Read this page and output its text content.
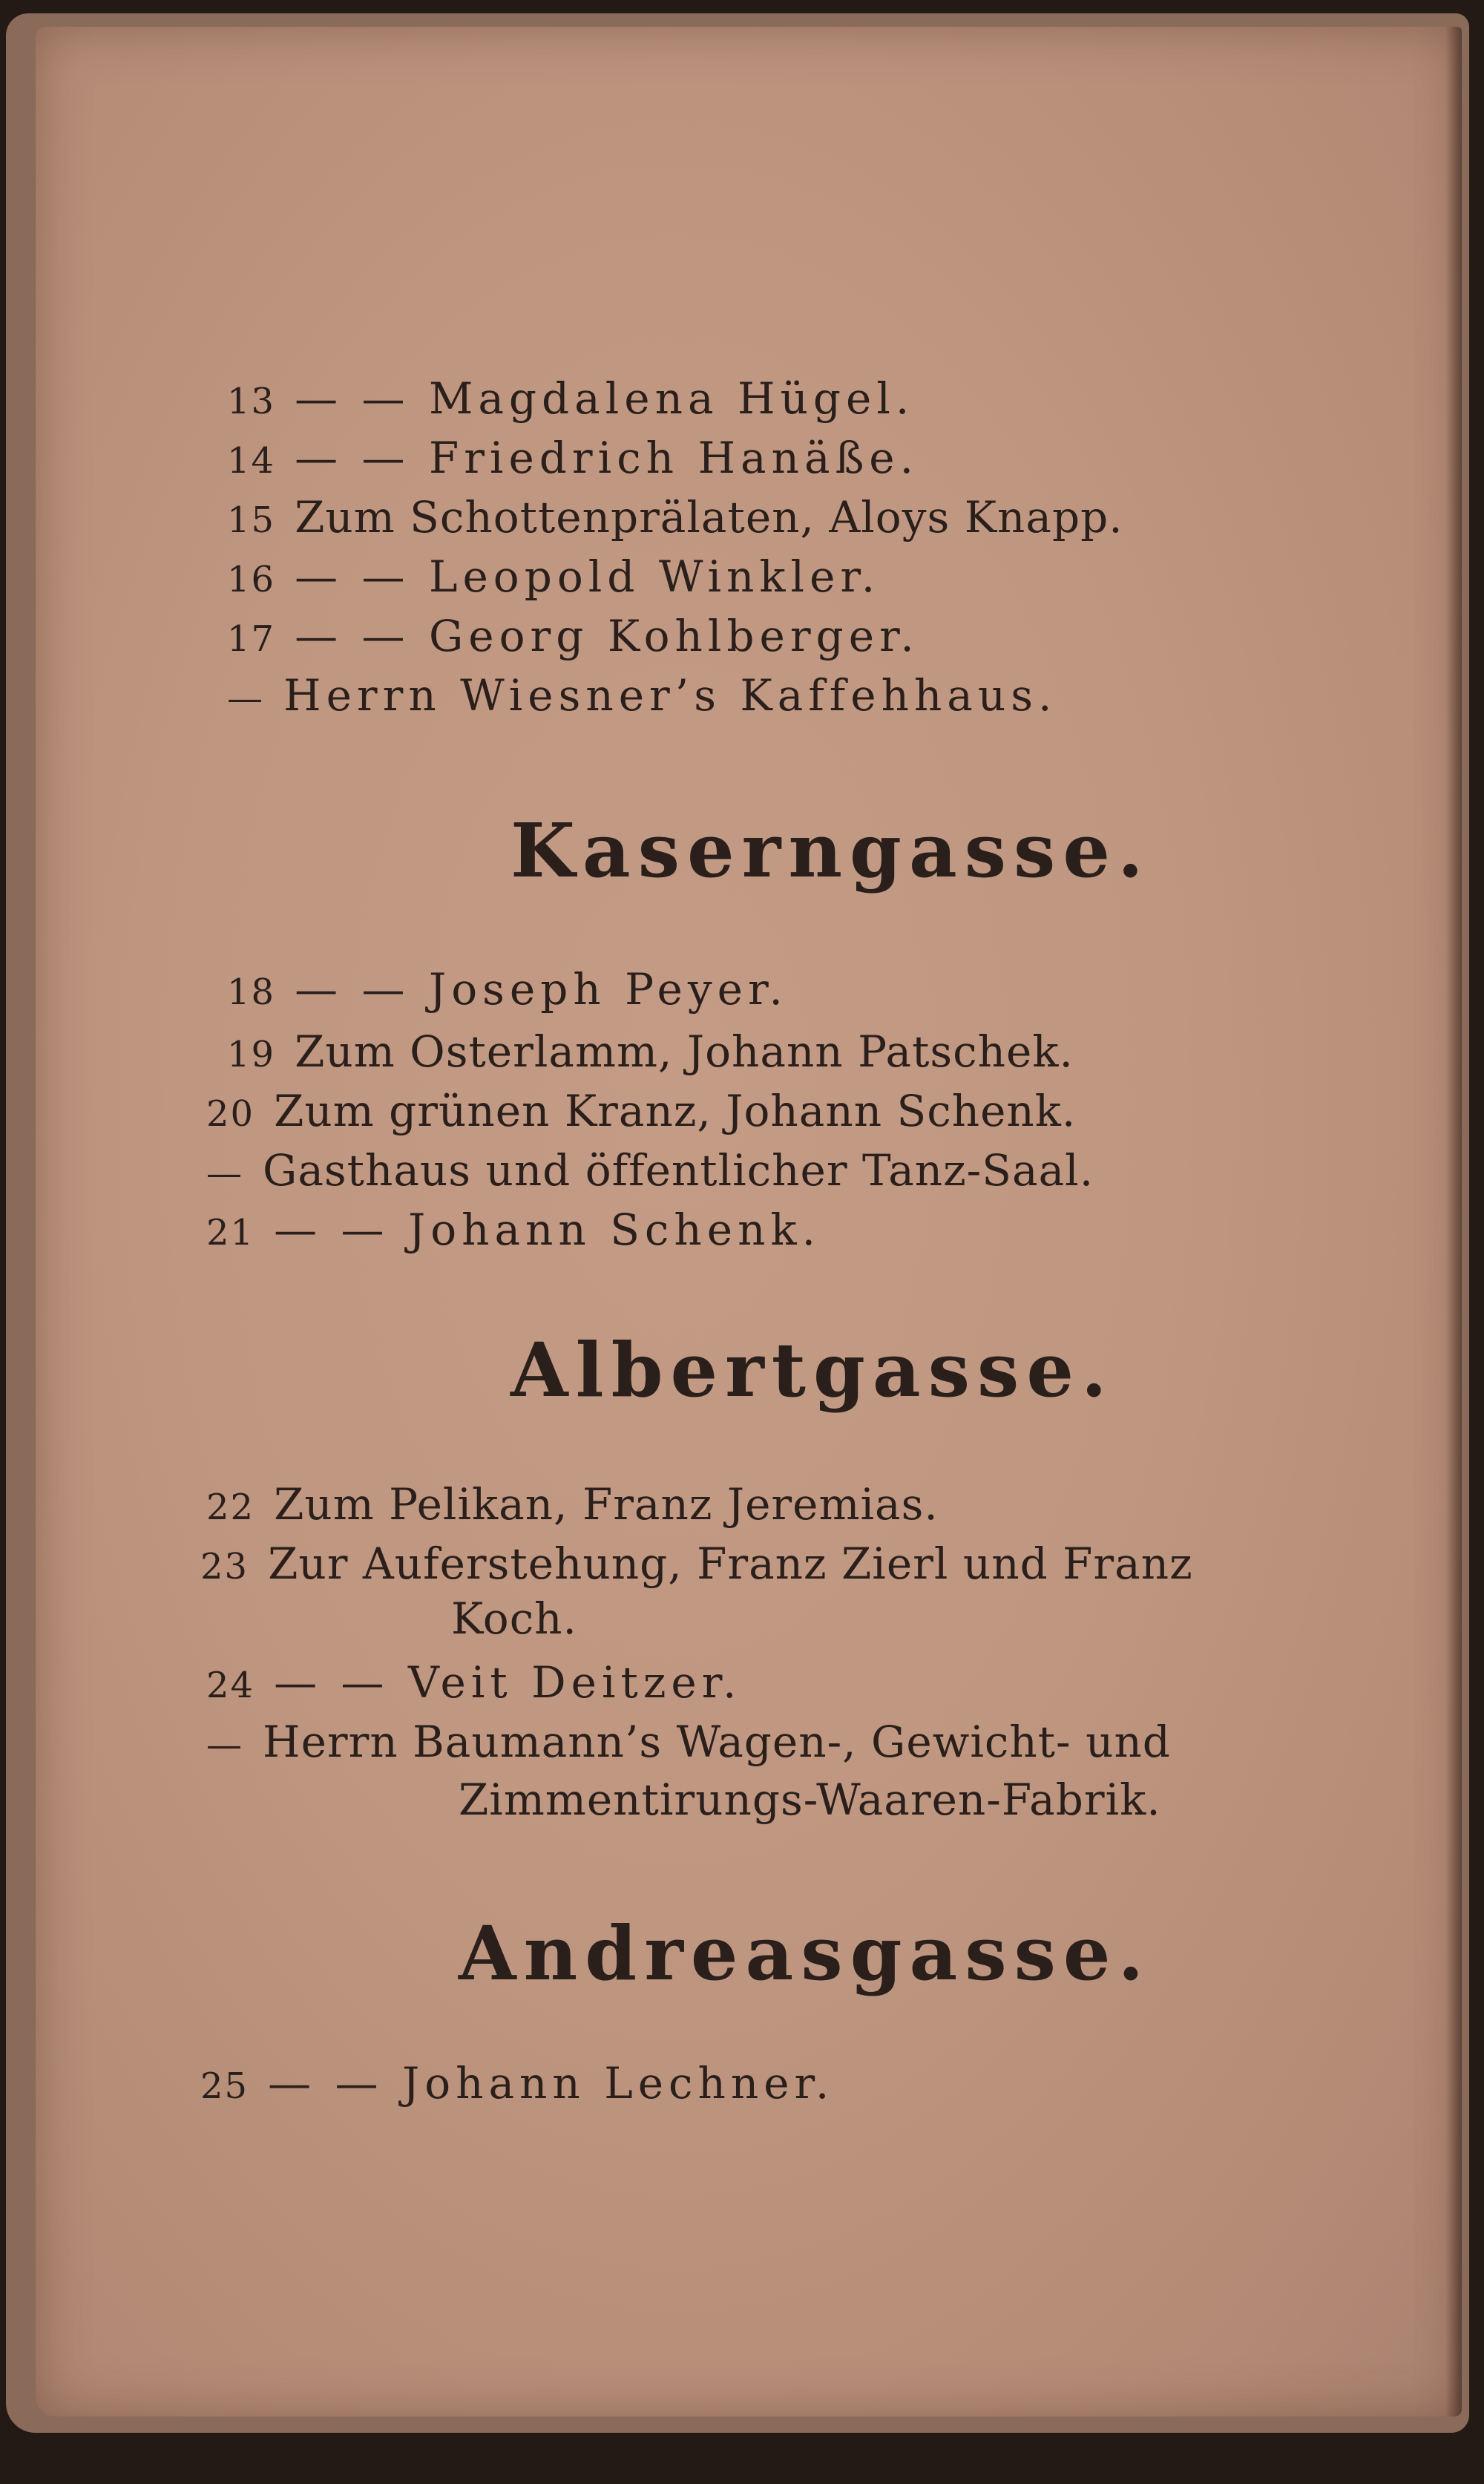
13 — — Magdalena Hügel.
14 — — Friedrich Hanäße.
15 Zum Schottenprälaten, Aloys Knapp.
16 — — Leopold Winkler.
17 — — Georg Kohlberger.
— Herrn Wiesner’s Kaffehhaus.
Kaserngasse.
18 — — Joseph Peyer.
19 Zum Osterlamm, Johann Patschek.
20 Zum grünen Kranz, Johann Schenk.
— Gasthaus und öffentlicher Tanz-Saal.
21 — — Johann Schenk.
Albertgasse.
22 Zum Pelikan, Franz Jeremias.
23 Zur Auferstehung, Franz Zierl und Franz
Koch.
24 — — Veit Deitzer.
— Herrn Baumann’s Wagen-, Gewicht- und
Zimmentirungs-Waaren-Fabrik.
Andreasgasse.
25 — — Johann Lechner.
